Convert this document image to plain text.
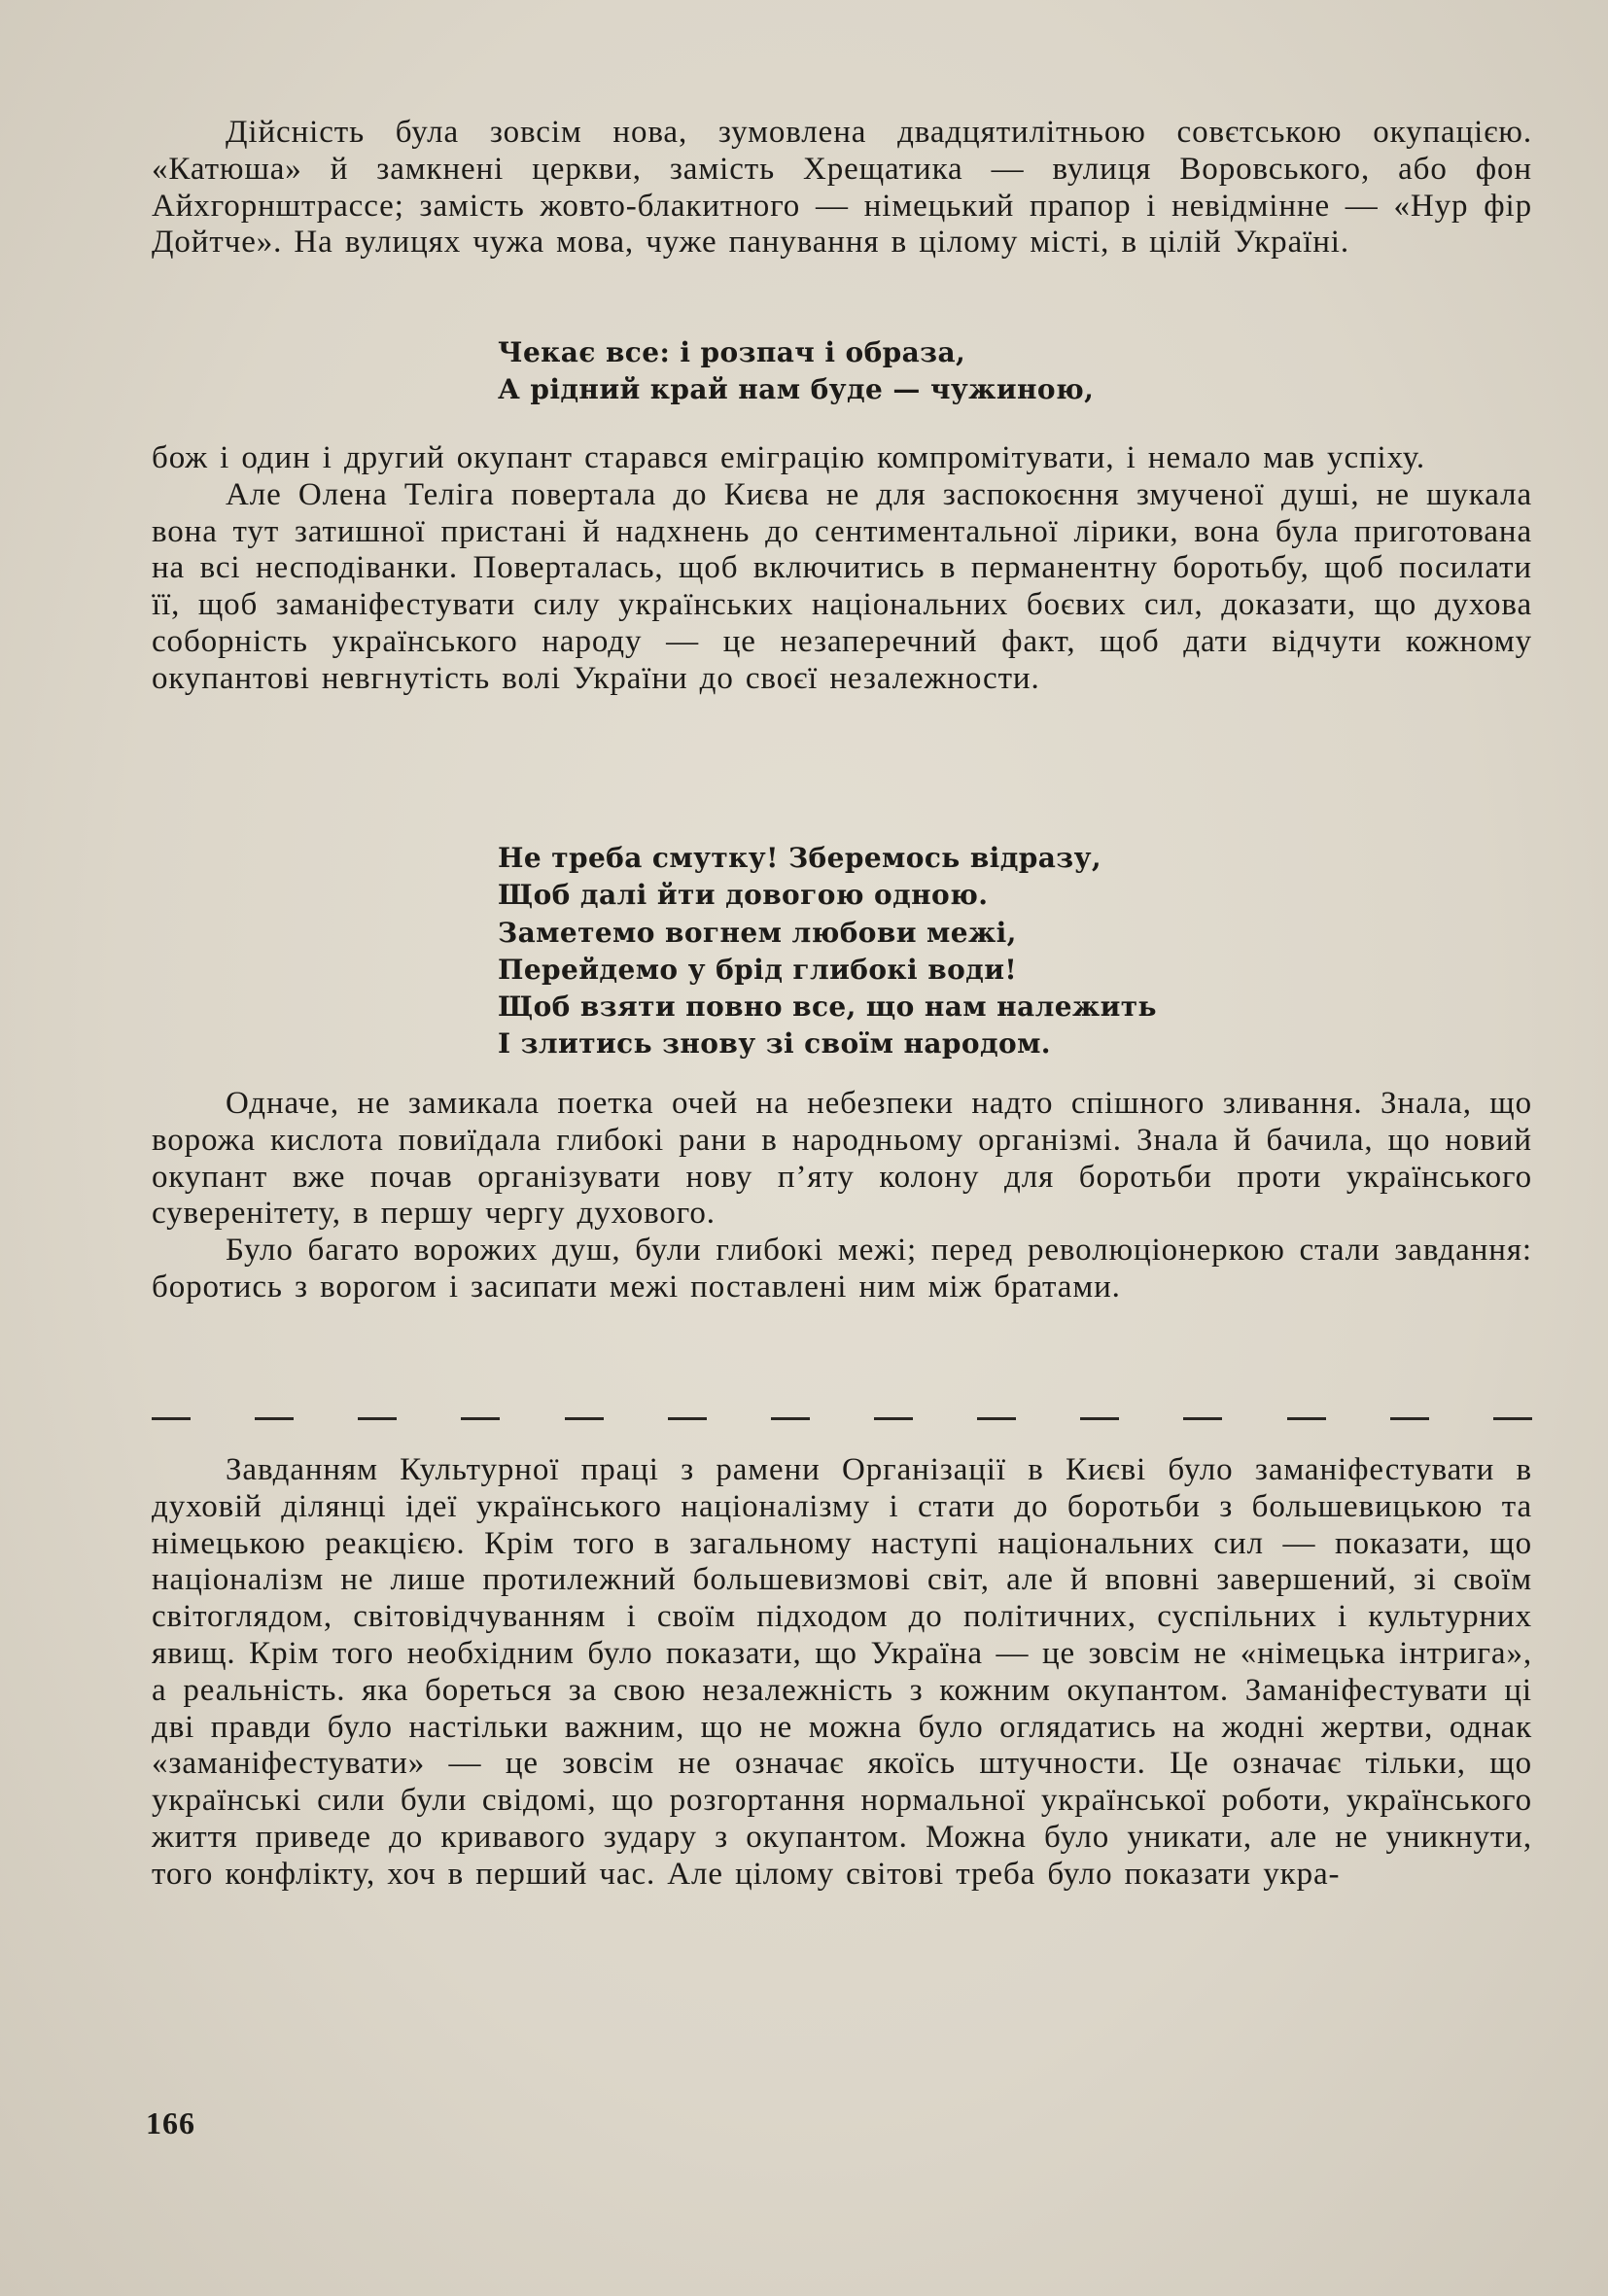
Дійсність була зовсім нова, зумовлена двадцятилітньою совєтською окупацією. «Катюша» й замкнені церкви, замість Хрещатика — вулиця Воровського, або фон Айхгорнштрассе; замість жовто-блакитного — німецький прапор і невідмінне — «Нур фір Дойтче». На вулицях чужа мова, чуже панування в цілому місті, в цілій Україні.

Чекає все: і розпач і образа,
А рідний край нам буде — чужиною,

бож і один і другий окупант старався еміграцію компромітувати, і немало мав успіху.

Але Олена Теліга поверталa до Києва не для заспокоєння змученої душі, не шукала вона тут затишної пристані й надхнень до сентиментальної лірики, вона була приготована на всі несподіванки. Поверталась, щоб включитись в перманентну боротьбу, щоб посилати її, щоб заманіфестувати силу українських національних боєвих сил, доказати, що духова соборність українського народу — це незаперечний факт, щоб дати відчути кожному окупантові невгнутість волі України до своєї незалежности.

Не треба смутку! Зберемось відразу,
Щоб далі йти довогою одною.
Заметемо вогнем любови межі,
Перейдемо у брід глибокі води!
Щоб взяти повно все, що нам належить
І злитись знову зі своїм народом.

Одначе, не замикала поетка очей на небезпеки надто спішного зливання. Знала, що ворожа кислота повиїдала глибокі рани в народньому організмі. Знала й бачила, що новий окупант вже почав організувати нову п’яту колону для боротьби проти українського суверенітету, в першу чергу духового.

Було багато ворожих душ, були глибокі межі; перед революціонеркою стали завдання: боротись з ворогом і засипати межі поставлені ним між братами.

Завданням Культурної праці з рамени Організації в Києві було заманіфестувати в духовій ділянці ідеї українського націоналізму і стати до боротьби з большевицькою та німецькою реакцією. Крім того в загальному наступі національних сил — показати, що націоналізм не лише протилежний большевизмові світ, але й вповні завершений, зі своїм світоглядом, світовідчуванням і своїм підходом до політичних, суспільних і культурних явищ. Крім того необхідним було показати, що Україна — це зовсім не «німецька інтрига», а реальність. яка бореться за свою незалежність з кожним окупантом. Заманіфестувати ці дві правди було настільки важним, що не можна було оглядатись на жодні жертви, однак «заманіфестувати» — це зовсім не означає якоїсь штучности. Це означає тільки, що українські сили були свідомі, що розгортання нормальної української роботи, українського життя приведе до кривавого зудару з окупантом. Можна було уникати, але не уникнути, того конфлікту, хоч в перший час. Але цілому світові треба було показати укра-

166
